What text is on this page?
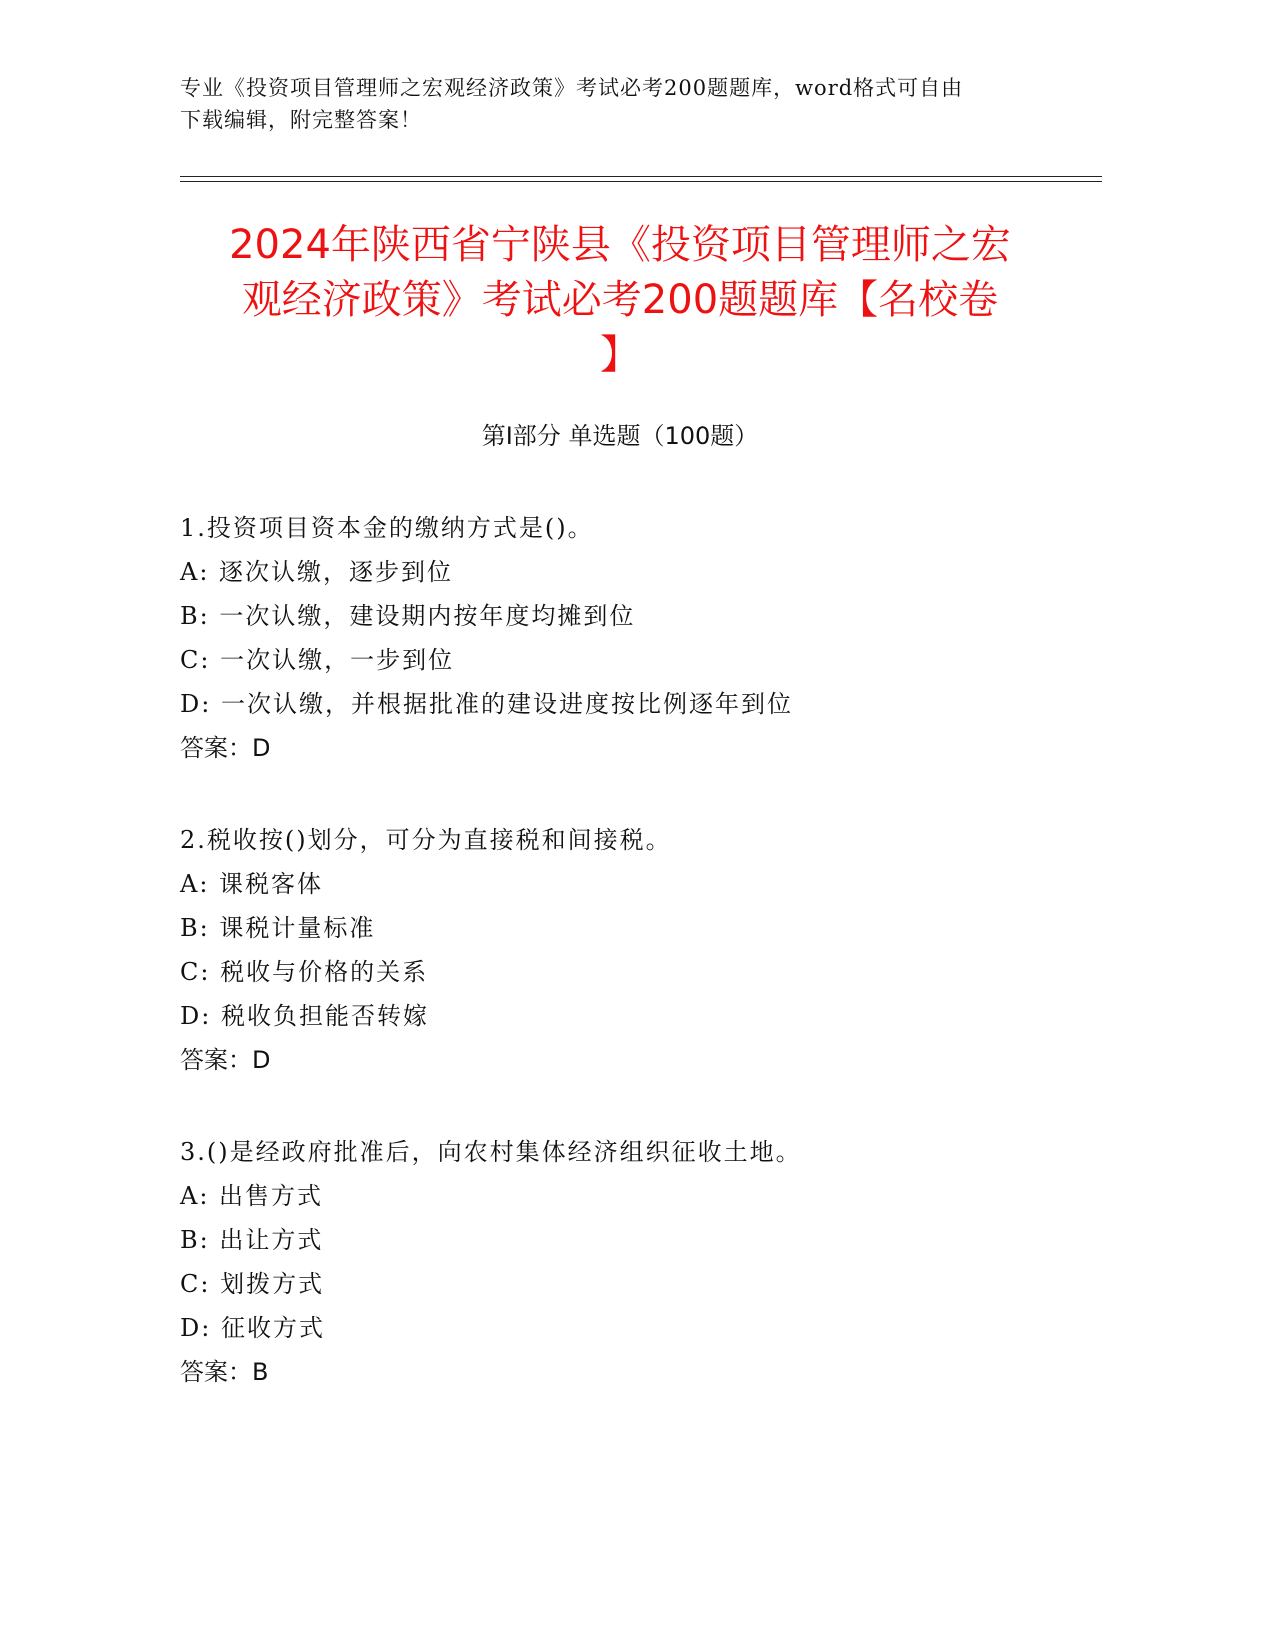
专业《投资项目管理师之宏观经济政策》考试必考200题题库，word格式可自由
下载编辑，附完整答案！
2024年陕西省宁陕县《投资项目管理师之宏
观经济政策》考试必考200题题库【名校卷
】
第Ⅰ部分 单选题（100题）
1.投资项目资本金的缴纳方式是()。
A: 逐次认缴，逐步到位
B: 一次认缴，建设期内按年度均摊到位
C: 一次认缴，一步到位
D: 一次认缴，并根据批准的建设进度按比例逐年到位
答案：D
2.税收按()划分，可分为直接税和间接税。
A: 课税客体
B: 课税计量标准
C: 税收与价格的关系
D: 税收负担能否转嫁
答案：D
3.()是经政府批准后，向农村集体经济组织征收土地。
A: 出售方式
B: 出让方式
C: 划拨方式
D: 征收方式
答案：B
